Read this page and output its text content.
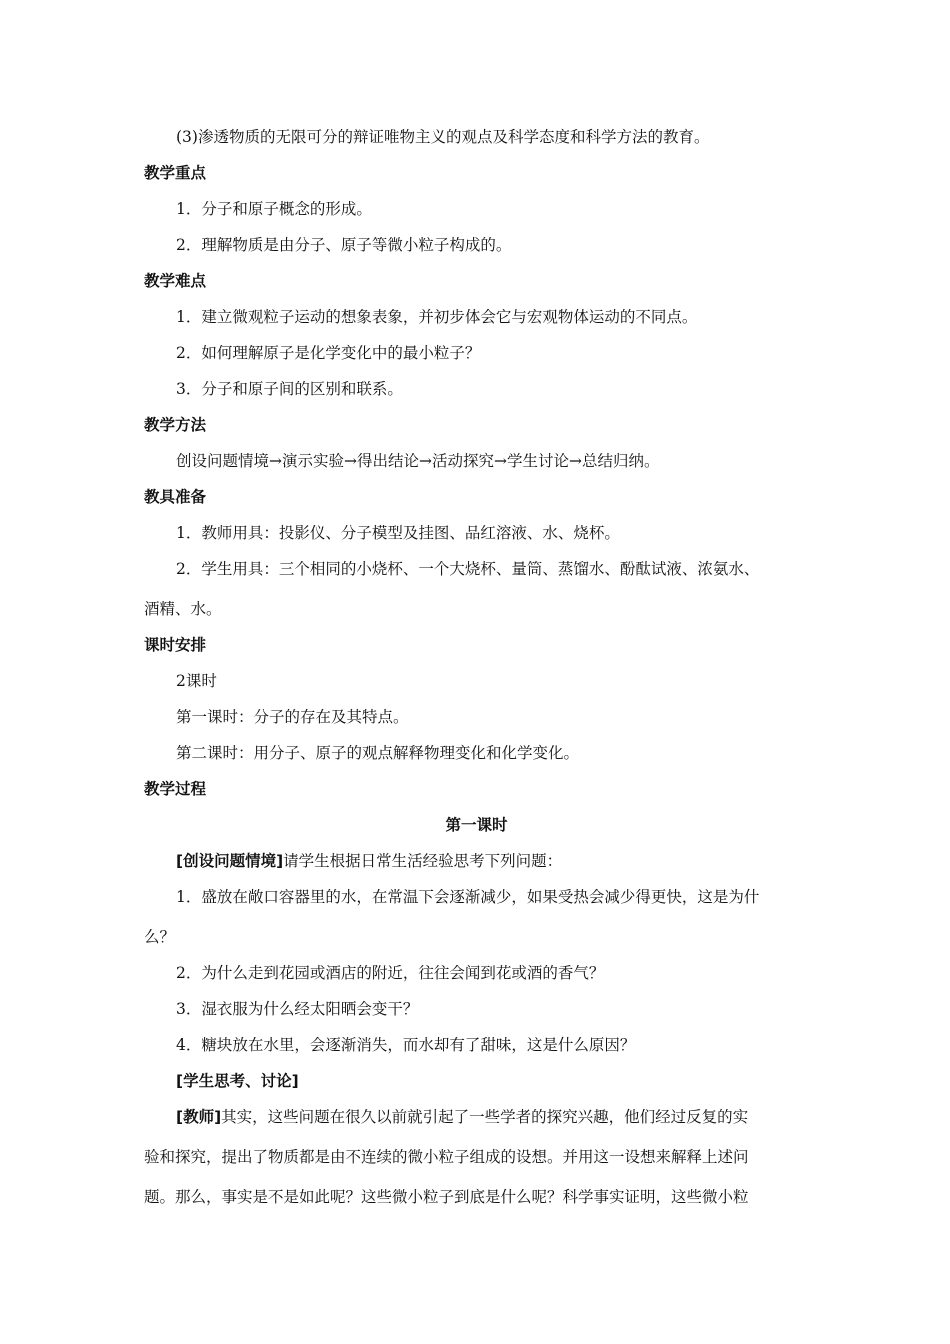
(3)渗透物质的无限可分的辩证唯物主义的观点及科学态度和科学方法的教育。
教学重点
1．分子和原子概念的形成。
2．理解物质是由分子、原子等微小粒子构成的。
教学难点
1．建立微观粒子运动的想象表象，并初步体会它与宏观物体运动的不同点。
2．如何理解原子是化学变化中的最小粒子？
3．分子和原子间的区别和联系。
教学方法
创设问题情境→演示实验→得出结论→活动探究→学生讨论→总结归纳。
教具准备
1．教师用具：投影仪、分子模型及挂图、品红溶液、水、烧杯。
2．学生用具：三个相同的小烧杯、一个大烧杯、量筒、蒸馏水、酚酞试液、浓氨水、
酒精、水。
课时安排
2课时
第一课时：分子的存在及其特点。
第二课时：用分子、原子的观点解释物理变化和化学变化。
教学过程
第一课时
[创设问题情境]请学生根据日常生活经验思考下列问题：
1．盛放在敞口容器里的水，在常温下会逐渐减少，如果受热会减少得更快，这是为什
么？
2．为什么走到花园或酒店的附近，往往会闻到花或酒的香气？
3．湿衣服为什么经太阳晒会变干？
4．糖块放在水里，会逐渐消失，而水却有了甜味，这是什么原因？
[学生思考、讨论]
[教师]其实，这些问题在很久以前就引起了一些学者的探究兴趣，他们经过反复的实
验和探究，提出了物质都是由不连续的微小粒子组成的设想。并用这一设想来解释上述问
题。那么，事实是不是如此呢？这些微小粒子到底是什么呢？科学事实证明，这些微小粒
